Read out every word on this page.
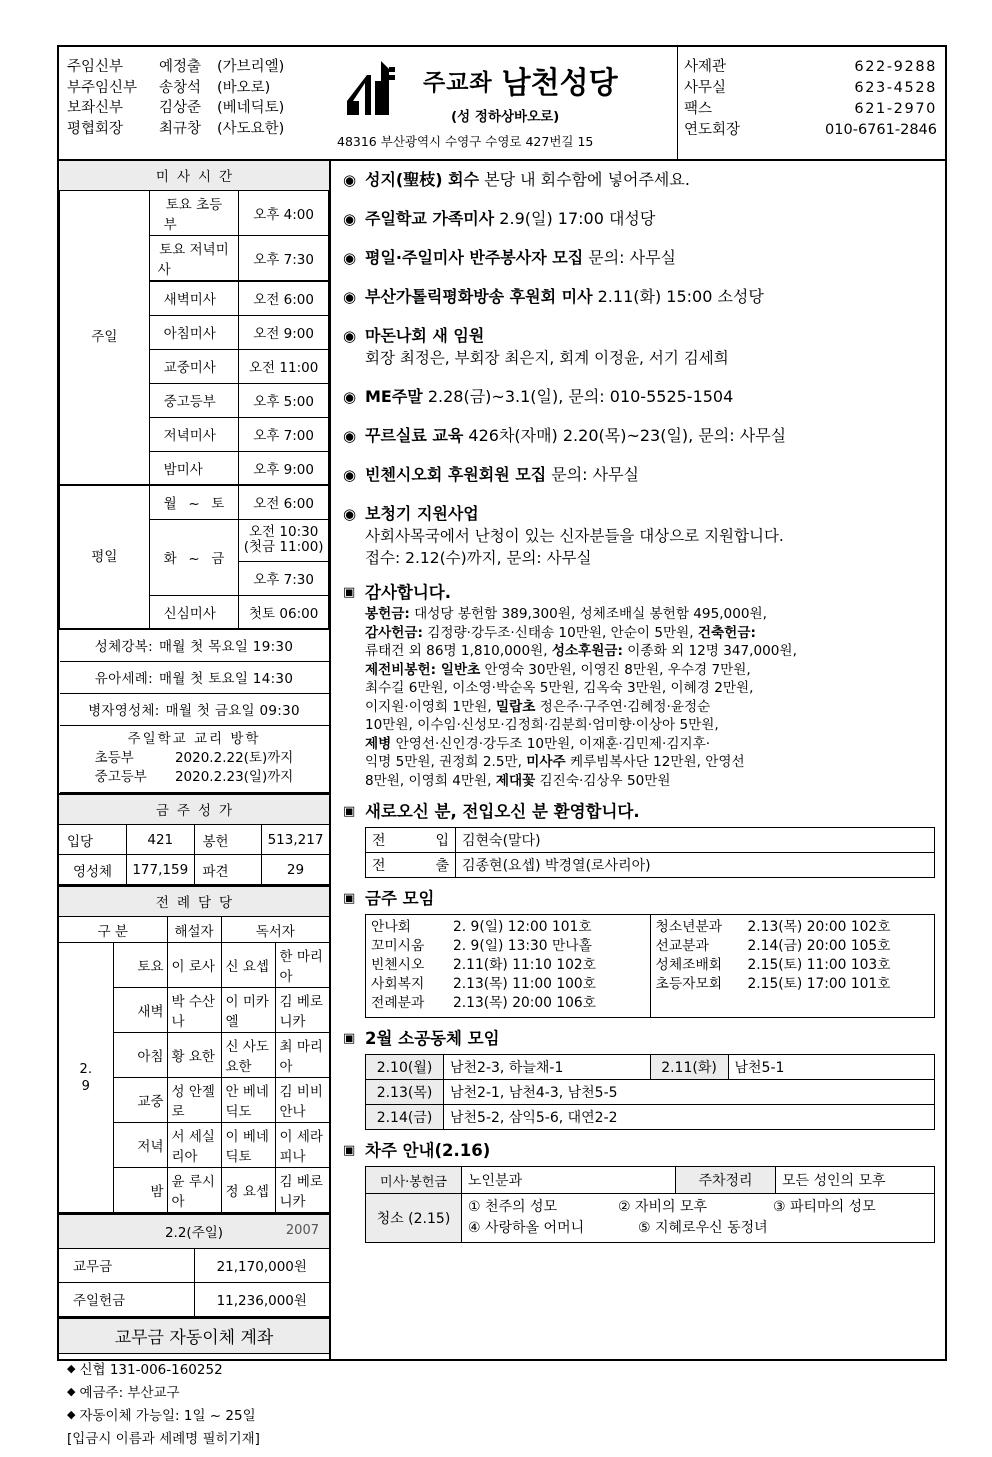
주임신부	예정출	(가브리엘)
부주임신부	송창석	(바오로)
보좌신부	김상준	(베네딕토)
평협회장	최규창	(사도요한)
주교좌 남천성당
(성 정하상바오로)
48316 부산광역시 수영구 수영로 427번길 15
사제관	622-9288
사무실	623-4528
팩스	621-2970
연도회장	010-6761-2846
미사시간		

주일	토요 초등부	오후 4:00
	토요 저녁미사	오후 7:30
	새벽미사	오전 6:00
	아침미사	오전 9:00
	교중미사	오전 11:00
	중고등부	오후 5:00
	저녁미사	오후 7:00
	밤미사	오후 9:00

평일	월 ~ 토	오전 6:00
	화 ~ 금	오전 10:30
(첫금 11:00)
		오후 7:30
	신심미사	첫토 06:00
성체강복: 매월 첫 목요일 19:30		
유아세례: 매월 첫 토요일 14:30		
병자영성체: 매월 첫 금요일 09:30		
주일학교 교리 방학
초등부 2020.2.22(토)까지
중고등부 2020.2.23(일)까지		
금주성가			
입당	421	봉헌	513,217
영성체	177,159	파견	29
전례담당				
구 분		해설자	독서자	

2.
9	토요	이 로사	신 요셉	한 마리아
	새벽	박 수산나	이 미카엘	김 베로니카
	아침	황 요한	신 사도요한	최 마리아
	교중	성 안젤로	안 베네딕도	김 비비안나
	저녁	서 세실리아	이 베네딕토	이 세라피나
	밤	윤 루시아	정 요셉	김 베로니카
2.2(주일) 2007	

교무금	21,170,000원
주일헌금	11,236,000원
교무금 자동이체 계좌

◆ 신협 131-006-160252
◆ 예금주: 부산교구
◆ 자동이체 가능일: 1일 ~ 25일
[입금시 이름과 세례명 필히기재]
◉ 성지(聖枝) 회수 본당 내 회수함에 넣어주세요.
◉ 주일학교 가족미사 2.9(일) 17:00 대성당
◉ 평일·주일미사 반주봉사자 모집 문의: 사무실
◉ 부산가톨릭평화방송 후원회 미사 2.11(화) 15:00 소성당
◉ 마돈나회 새 임원
회장 최정은, 부회장 최은지, 회계 이정윤, 서기 김세희
◉ ME주말 2.28(금)~3.1(일), 문의: 010-5525-1504
◉ 꾸르실료 교육 426차(자매) 2.20(목)~23(일), 문의: 사무실
◉ 빈첸시오회 후원회원 모집 문의: 사무실
◉ 보청기 지원사업
사회사목국에서 난청이 있는 신자분들을 대상으로 지원합니다.
접수: 2.12(수)까지, 문의: 사무실
▣ 감사합니다.
봉헌금: 대성당 봉헌함 389,300원, 성체조배실 봉헌함 495,000원,
감사헌금: 김정량·강두조·신태송 10만원, 안순이 5만원, 건축헌금:
류태건 외 86명 1,810,000원, 성소후원금: 이종화 외 12명 347,000원,
제전비봉헌: 일반초 안영숙 30만원, 이영진 8만원, 우수경 7만원,
최수길 6만원, 이소영·박순옥 5만원, 김옥숙 3만원, 이혜경 2만원,
이지원·이영희 1만원, 밀랍초 정은주·구주연·김혜정·윤정순
10만원, 이수임·신성모·김정희·김분희·엄미향·이상아 5만원,
제병 안영선·신인경·강두조 10만원, 이재훈·김민제·김지후·
익명 5만원, 권정희 2.5만, 미사주 케루빔복사단 12만원, 안영선
8만원, 이영희 4만원, 제대꽃 김진숙·김상우 50만원
▣ 새로오신 분, 전입오신 분 환영합니다.
전 입	김현숙(말다)
전 출	김종현(요셉) 박경열(로사리아)
▣ 금주 모임
안나회	2. 9(일) 12:00 101호
꼬미시움	2. 9(일) 13:30 만나홀
빈첸시오	2.11(화) 11:10 102호
사회복지	2.13(목) 11:00 100호
전례분과	2.13(목) 20:00 106호

청소년분과	2.13(목) 20:00 102호
선교분과	2.14(금) 20:00 105호
성체조배회	2.15(토) 11:00 103호
초등자모회	2.15(토) 17:00 101호
▣ 2월 소공동체 모임
2.10(월)	남천2-3, 하늘채-1	2.11(화)	남천5-1
2.13(목)	남천2-1, 남천4-3, 남천5-5		
2.14(금)	남천5-2, 삼익5-6, 대연2-2		
▣ 차주 안내(2.16)
미사·봉헌금	노인분과	주차정리	모든 성인의 모후
청소 (2.15)	① 천주의 성모 ② 자비의 모후 ③ 파티마의 성모
④ 사랑하올 어머니 ⑤ 지혜로우신 동정녀		
